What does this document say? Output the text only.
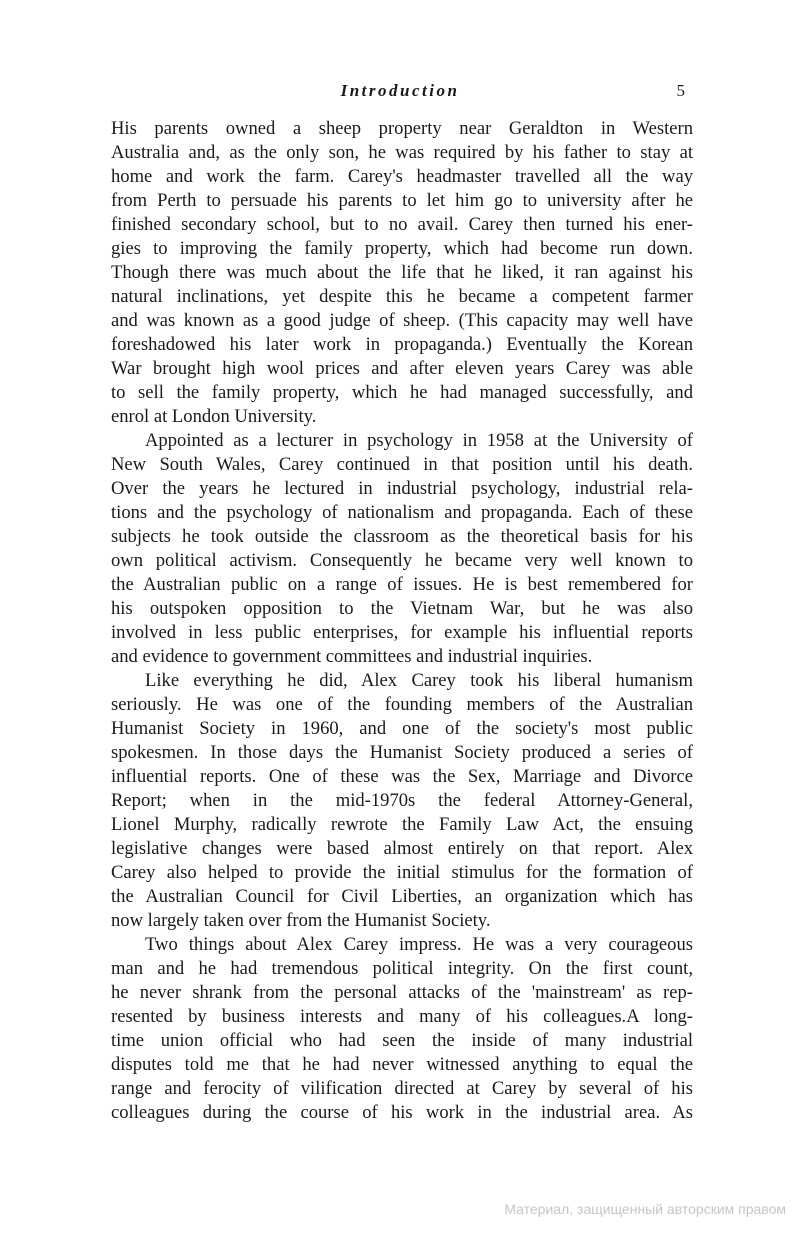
Introduction	5
His parents owned a sheep property near Geraldton in Western
Australia and, as the only son, he was required by his father to stay at
home and work the farm. Carey's headmaster travelled all the way
from Perth to persuade his parents to let him go to university after he
finished secondary school, but to no avail. Carey then turned his ener-
gies to improving the family property, which had become run down.
Though there was much about the life that he liked, it ran against his
natural inclinations, yet despite this he became a competent farmer
and was known as a good judge of sheep. (This capacity may well have
foreshadowed his later work in propaganda.) Eventually the Korean
War brought high wool prices and after eleven years Carey was able
to sell the family property, which he had managed successfully, and
enrol at London University.
Appointed as a lecturer in psychology in 1958 at the University of
New South Wales, Carey continued in that position until his death.
Over the years he lectured in industrial psychology, industrial rela-
tions and the psychology of nationalism and propaganda. Each of these
subjects he took outside the classroom as the theoretical basis for his
own political activism. Consequently he became very well known to
the Australian public on a range of issues. He is best remembered for
his outspoken opposition to the Vietnam War, but he was also
involved in less public enterprises, for example his influential reports
and evidence to government committees and industrial inquiries.
Like everything he did, Alex Carey took his liberal humanism
seriously. He was one of the founding members of the Australian
Humanist Society in 1960, and one of the society's most public
spokesmen. In those days the Humanist Society produced a series of
influential reports. One of these was the Sex, Marriage and Divorce
Report; when in the mid-1970s the federal Attorney-General,
Lionel Murphy, radically rewrote the Family Law Act, the ensuing
legislative changes were based almost entirely on that report. Alex
Carey also helped to provide the initial stimulus for the formation of
the Australian Council for Civil Liberties, an organization which has
now largely taken over from the Humanist Society.
Two things about Alex Carey impress. He was a very courageous
man and he had tremendous political integrity. On the first count,
he never shrank from the personal attacks of the 'mainstream' as rep-
resented by business interests and many of his colleagues.A long-
time union official who had seen the inside of many industrial
disputes told me that he had never witnessed anything to equal the
range and ferocity of vilification directed at Carey by several of his
colleagues during the course of his work in the industrial area. As
Материал, защищенный авторским правом
